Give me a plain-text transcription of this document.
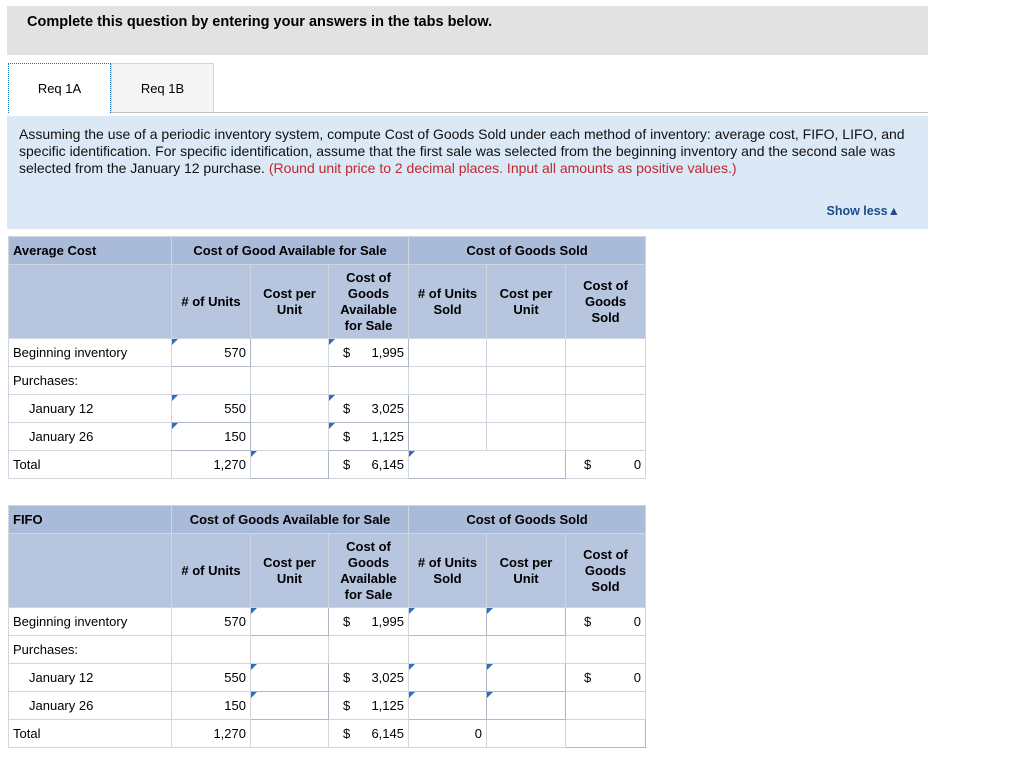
Complete this question by entering your answers in the tabs below.
Req 1A	Req 1B
Assuming the use of a periodic inventory system, compute Cost of Goods Sold under each method of inventory: average cost, FIFO, LIFO, and specific identification. For specific identification, assume that the first sale was selected from the beginning inventory and the second sale was selected from the January 12 purchase. (Round unit price to 2 decimal places. Input all amounts as positive values.)
Show less▲
Average Cost	Cost of Good Available for Sale			Cost of Goods Sold		
	# of Units	Cost per Unit	Cost of Goods Available for Sale	# of Units Sold	Cost per Unit	Cost of Goods Sold
Beginning inventory	570		$ 1,995			
Purchases:						
January 12	550		$ 3,025			
January 26	150		$ 1,125			
Total	1,270		$ 6,145			$ 0
FIFO	Cost of Goods Available for Sale			Cost of Goods Sold		
	# of Units	Cost per Unit	Cost of Goods Available for Sale	# of Units Sold	Cost per Unit	Cost of Goods Sold
Beginning inventory	570		$ 1,995			$ 0
Purchases:						
January 12	550		$ 3,025			$ 0
January 26	150		$ 1,125			
Total	1,270		$ 6,145	0		
